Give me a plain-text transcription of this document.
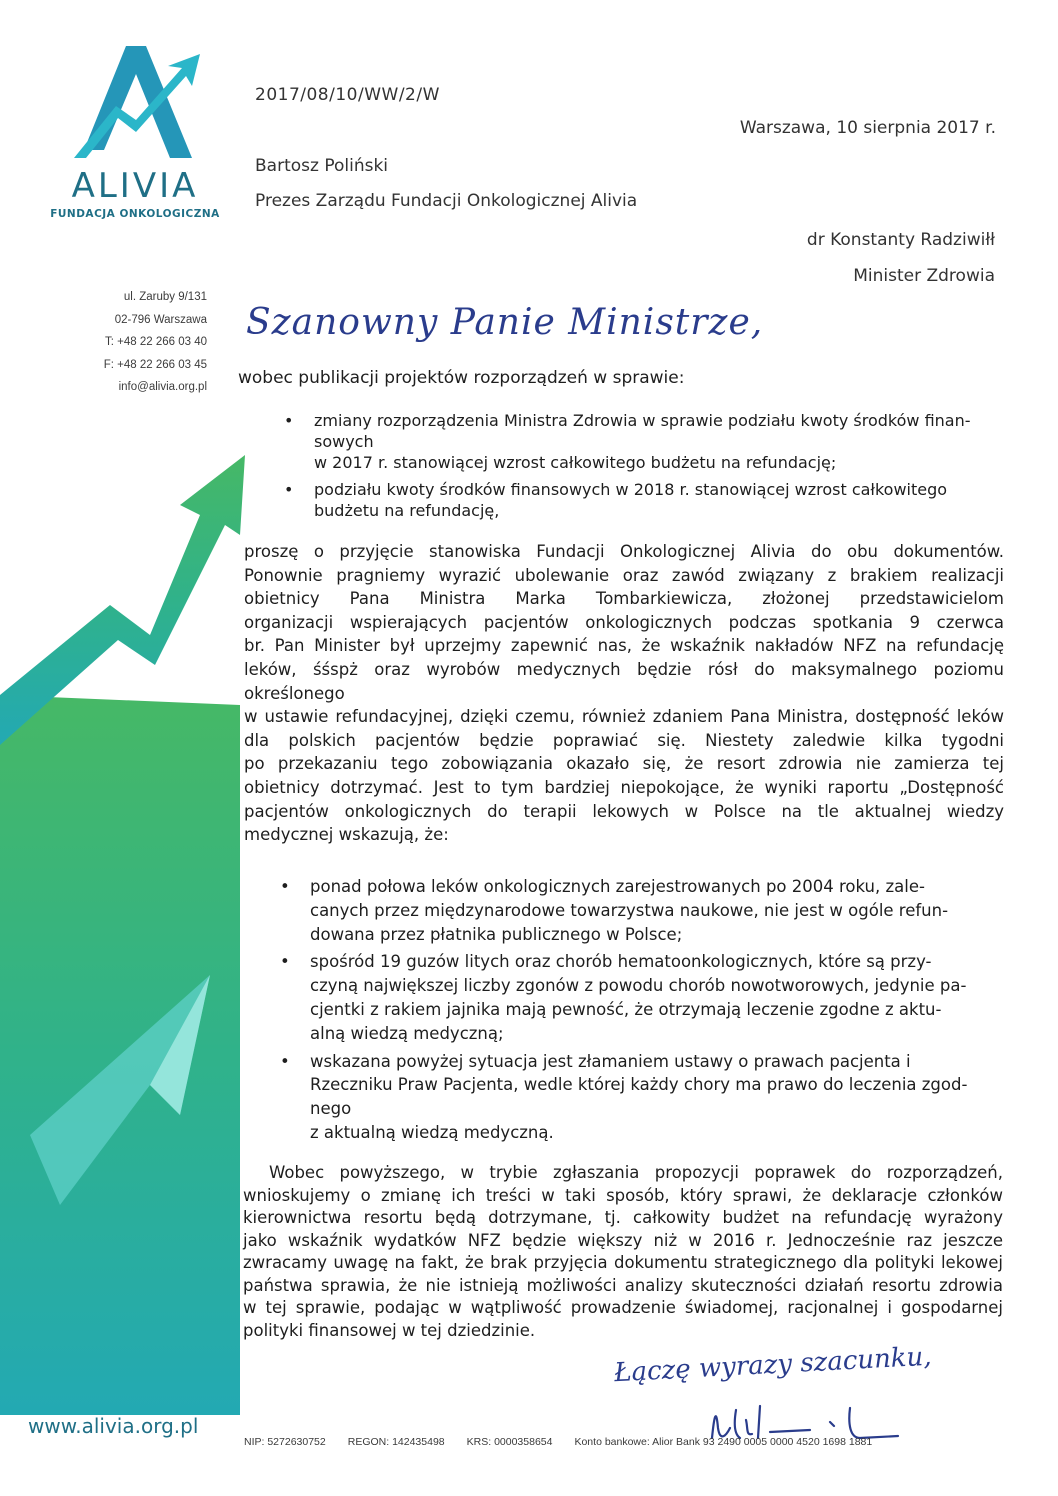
ALIVIA
FUNDACJA ONKOLOGICZNA
ul. Zaruby 9/131
02-796 Warszawa
T: +48 22 266 03 40
F: +48 22 266 03 45
info@alivia.org.pl
www.alivia.org.pl
2017/08/10/WW/2/W
Warszawa, 10 sierpnia 2017 r.
Bartosz Poliński
Prezes Zarządu Fundacji Onkologicznej Alivia
dr Konstanty Radziwiłł
Minister Zdrowia
Szanowny Panie Ministrze,
wobec publikacji projektów rozporządzeń w sprawie:
• zmiany rozporządzenia Ministra Zdrowia w sprawie podziału kwoty środków finan-
sowych
w 2017 r. stanowiącej wzrost całkowitego budżetu na refundację;
• podziału kwoty środków finansowych w 2018 r. stanowiącej wzrost całkowitego
budżetu na refundację,
proszę o przyjęcie stanowiska Fundacji Onkologicznej Alivia do obu dokumentów.
Ponownie pragniemy wyrazić ubolewanie oraz zawód związany z brakiem realizacji
obietnicy Pana Ministra Marka Tombarkiewicza, złożonej przedstawicielom
organizacji wspierających pacjentów onkologicznych podczas spotkania 9 czerwca
br. Pan Minister był uprzejmy zapewnić nas, że wskaźnik nakładów NFZ na refundację
leków, śśspż oraz wyrobów medycznych będzie rósł do maksymalnego poziomu
określonego
w ustawie refundacyjnej, dzięki czemu, również zdaniem Pana Ministra, dostępność leków
dla polskich pacjentów będzie poprawiać się. Niestety zaledwie kilka tygodni
po przekazaniu tego zobowiązania okazało się, że resort zdrowia nie zamierza tej
obietnicy dotrzymać. Jest to tym bardziej niepokojące, że wyniki raportu „Dostępność
pacjentów onkologicznych do terapii lekowych w Polsce na tle aktualnej wiedzy
medycznej wskazują, że:
• ponad połowa leków onkologicznych zarejestrowanych po 2004 roku, zale-
canych przez międzynarodowe towarzystwa naukowe, nie jest w ogóle refun-
dowana przez płatnika publicznego w Polsce;
• spośród 19 guzów litych oraz chorób hematoonkologicznych, które są przy-
czyną największej liczby zgonów z powodu chorób nowotworowych, jedynie pa-
cjentki z rakiem jajnika mają pewność, że otrzymają leczenie zgodne z aktu-
alną wiedzą medyczną;
• wskazana powyżej sytuacja jest złamaniem ustawy o prawach pacjenta i
Rzeczniku Praw Pacjenta, wedle której każdy chory ma prawo do leczenia zgod-
nego
z aktualną wiedzą medyczną.
Wobec powyższego, w trybie zgłaszania propozycji poprawek do rozporządzeń,
wnioskujemy o zmianę ich treści w taki sposób, który sprawi, że deklaracje członków
kierownictwa resortu będą dotrzymane, tj. całkowity budżet na refundację wyrażony
jako wskaźnik wydatków NFZ będzie większy niż w 2016 r. Jednocześnie raz jeszcze
zwracamy uwagę na fakt, że brak przyjęcia dokumentu strategicznego dla polityki lekowej
państwa sprawia, że nie istnieją możliwości analizy skuteczności działań resortu zdrowia
w tej sprawie, podając w wątpliwość prowadzenie świadomej, racjonalnej i gospodarnej
polityki finansowej w tej dziedzinie.
Łączę wyrazy szacunku,
NIP: 5272630752 REGON: 142435498 KRS: 0000358654 Konto bankowe: Alior Bank 93 2490 0005 0000 4520 1698 1881
